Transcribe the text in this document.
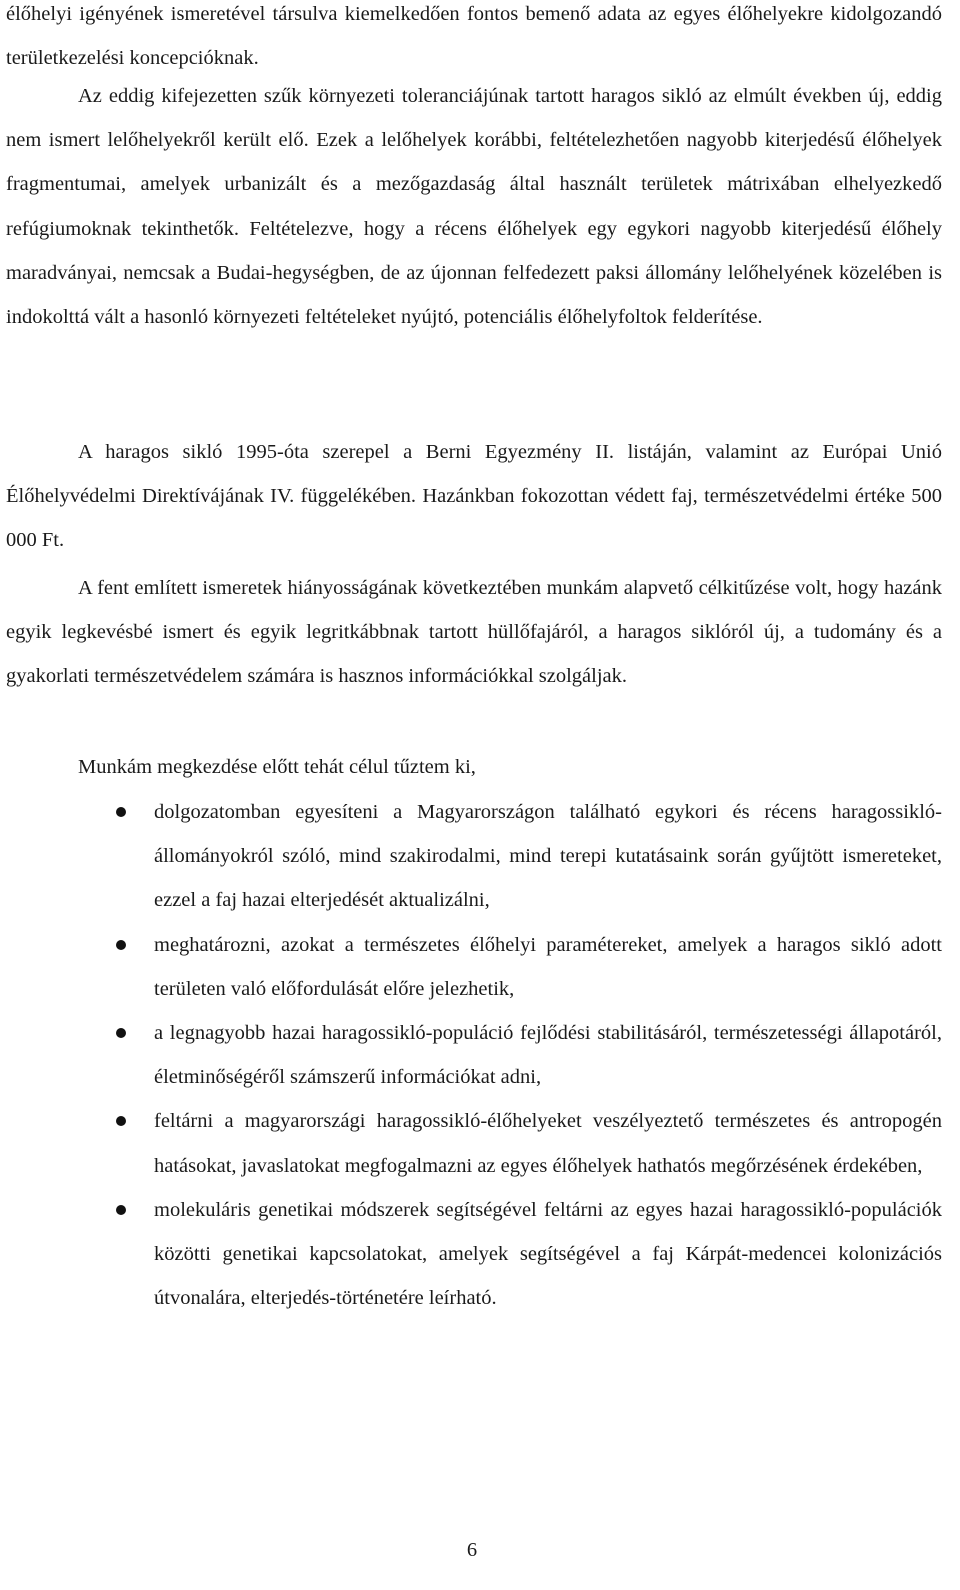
élőhelyi igényének ismeretével társulva kiemelkedően fontos bemenő adata az egyes élőhelyekre kidolgozandó területkezelési koncepcióknak.

Az eddig kifejezetten szűk környezeti toleranciájúnak tartott haragos sikló az elmúlt években új, eddig nem ismert lelőhelyekről került elő. Ezek a lelőhelyek korábbi, feltételezhetően nagyobb kiterjedésű élőhelyek fragmentumai, amelyek urbanizált és a mezőgazdaság által használt területek mátrixában elhelyezkedő refúgiumoknak tekinthetők. Feltételezve, hogy a récens élőhelyek egy egykori nagyobb kiterjedésű élőhely maradványai, nemcsak a Budai-hegységben, de az újonnan felfedezett paksi állomány lelőhelyének közelében is indokolttá vált a hasonló környezeti feltételeket nyújtó, potenciális élőhelyfoltok felderítése.

A haragos sikló 1995-óta szerepel a Berni Egyezmény II. listáján, valamint az Európai Unió Élőhelyvédelmi Direktívájának IV. függelékében. Hazánkban fokozottan védett faj, természetvédelmi értéke 500 000 Ft.

A fent említett ismeretek hiányosságának következtében munkám alapvető célkitűzése volt, hogy hazánk egyik legkevésbé ismert és egyik legritkábbnak tartott hüllőfajáról, a haragos siklóról új, a tudomány és a gyakorlati természetvédelem számára is hasznos információkkal szolgáljak.

Munkám megkezdése előtt tehát célul tűztem ki,

dolgozatomban egyesíteni a Magyarországon található egykori és récens haragossikló-állományokról szóló, mind szakirodalmi, mind terepi kutatásaink során gyűjtött ismereteket, ezzel a faj hazai elterjedését aktualizálni,
meghatározni, azokat a természetes élőhelyi paramétereket, amelyek a haragos sikló adott területen való előfordulását előre jelezhetik,
a legnagyobb hazai haragossikló-populáció fejlődési stabilitásáról, természetességi állapotáról, életminőségéről számszerű információkat adni,
feltárni a magyarországi haragossikló-élőhelyeket veszélyeztető természetes és antropogén hatásokat, javaslatokat megfogalmazni az egyes élőhelyek hathatós megőrzésének érdekében,
molekuláris genetikai módszerek segítségével feltárni az egyes hazai haragossikló-populációk közötti genetikai kapcsolatokat, amelyek segítségével a faj Kárpát-medencei kolonizációs útvonalára, elterjedés-történetére leírható.
6
